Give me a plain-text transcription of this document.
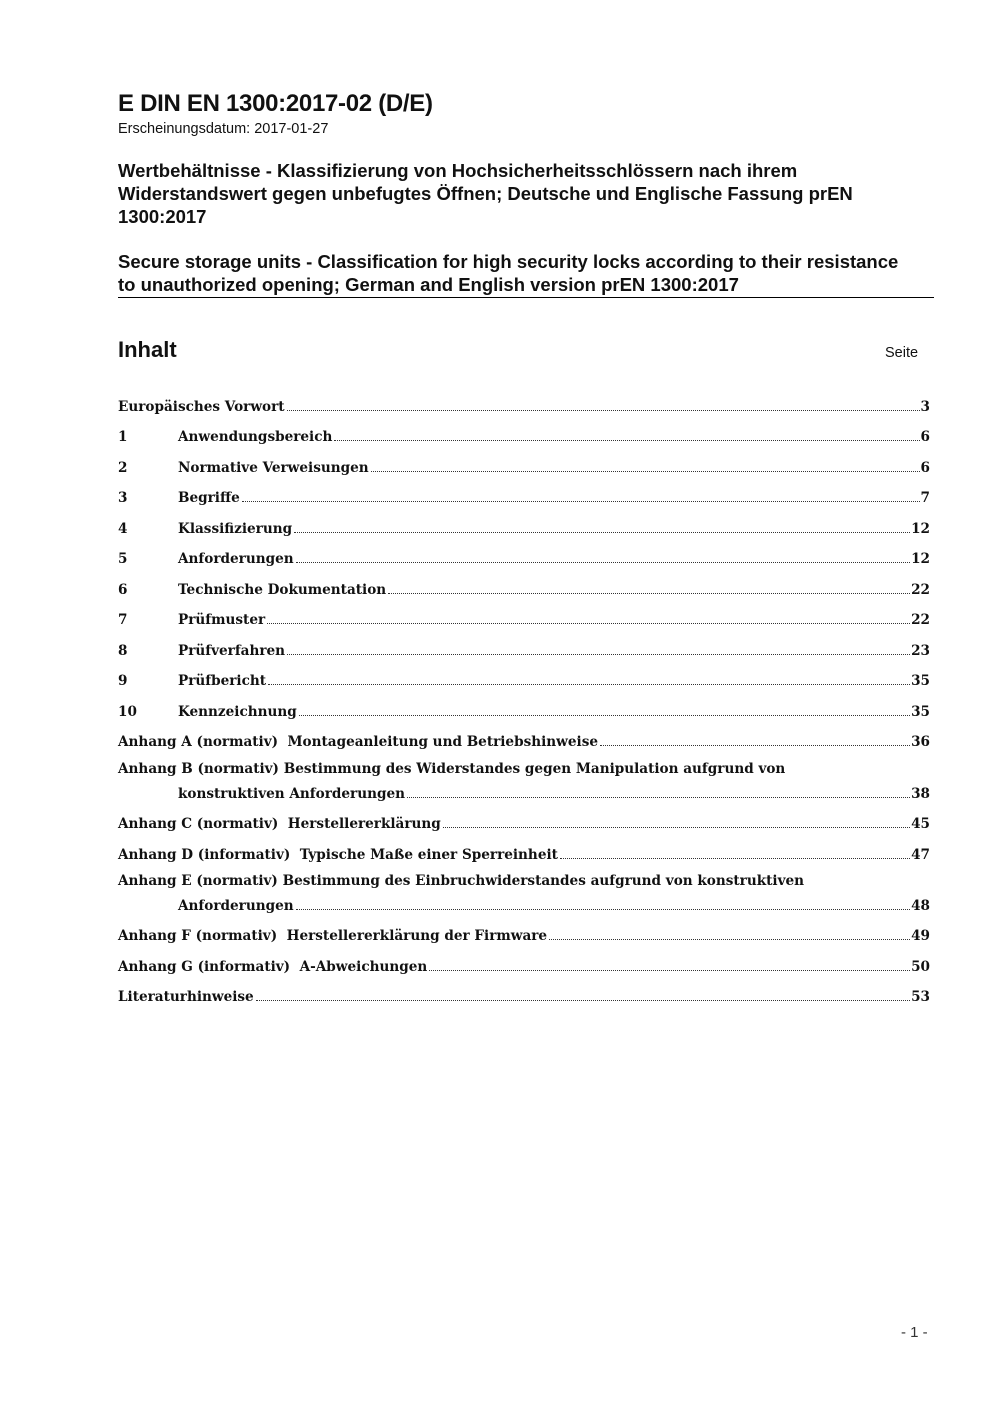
E DIN EN 1300:2017-02 (D/E)
Erscheinungsdatum: 2017-01-27
Wertbehältnisse - Klassifizierung von Hochsicherheitsschlössern nach ihrem Widerstandswert gegen unbefugtes Öffnen; Deutsche und Englische Fassung prEN 1300:2017
Secure storage units - Classification for high security locks according to their resistance to unauthorized opening; German and English version prEN 1300:2017
Inhalt	Seite
Europäisches Vorwort	3
1	Anwendungsbereich	6
2	Normative Verweisungen	6
3	Begriffe	7
4	Klassifizierung	12
5	Anforderungen	12
6	Technische Dokumentation	22
7	Prüfmuster	22
8	Prüfverfahren	23
9	Prüfbericht	35
10	Kennzeichnung	35
Anhang A (normativ)  Montageanleitung und Betriebshinweise	36
Anhang B (normativ) Bestimmung des Widerstandes gegen Manipulation aufgrund von
konstruktiven Anforderungen	38
Anhang C (normativ)  Herstellererklärung	45
Anhang D (informativ)  Typische Maße einer Sperreinheit	47
Anhang E (normativ) Bestimmung des Einbruchwiderstandes aufgrund von konstruktiven
Anforderungen	48
Anhang F (normativ)  Herstellererklärung der Firmware	49
Anhang G (informativ)  A-Abweichungen	50
Literaturhinweise	53
- 1 -
